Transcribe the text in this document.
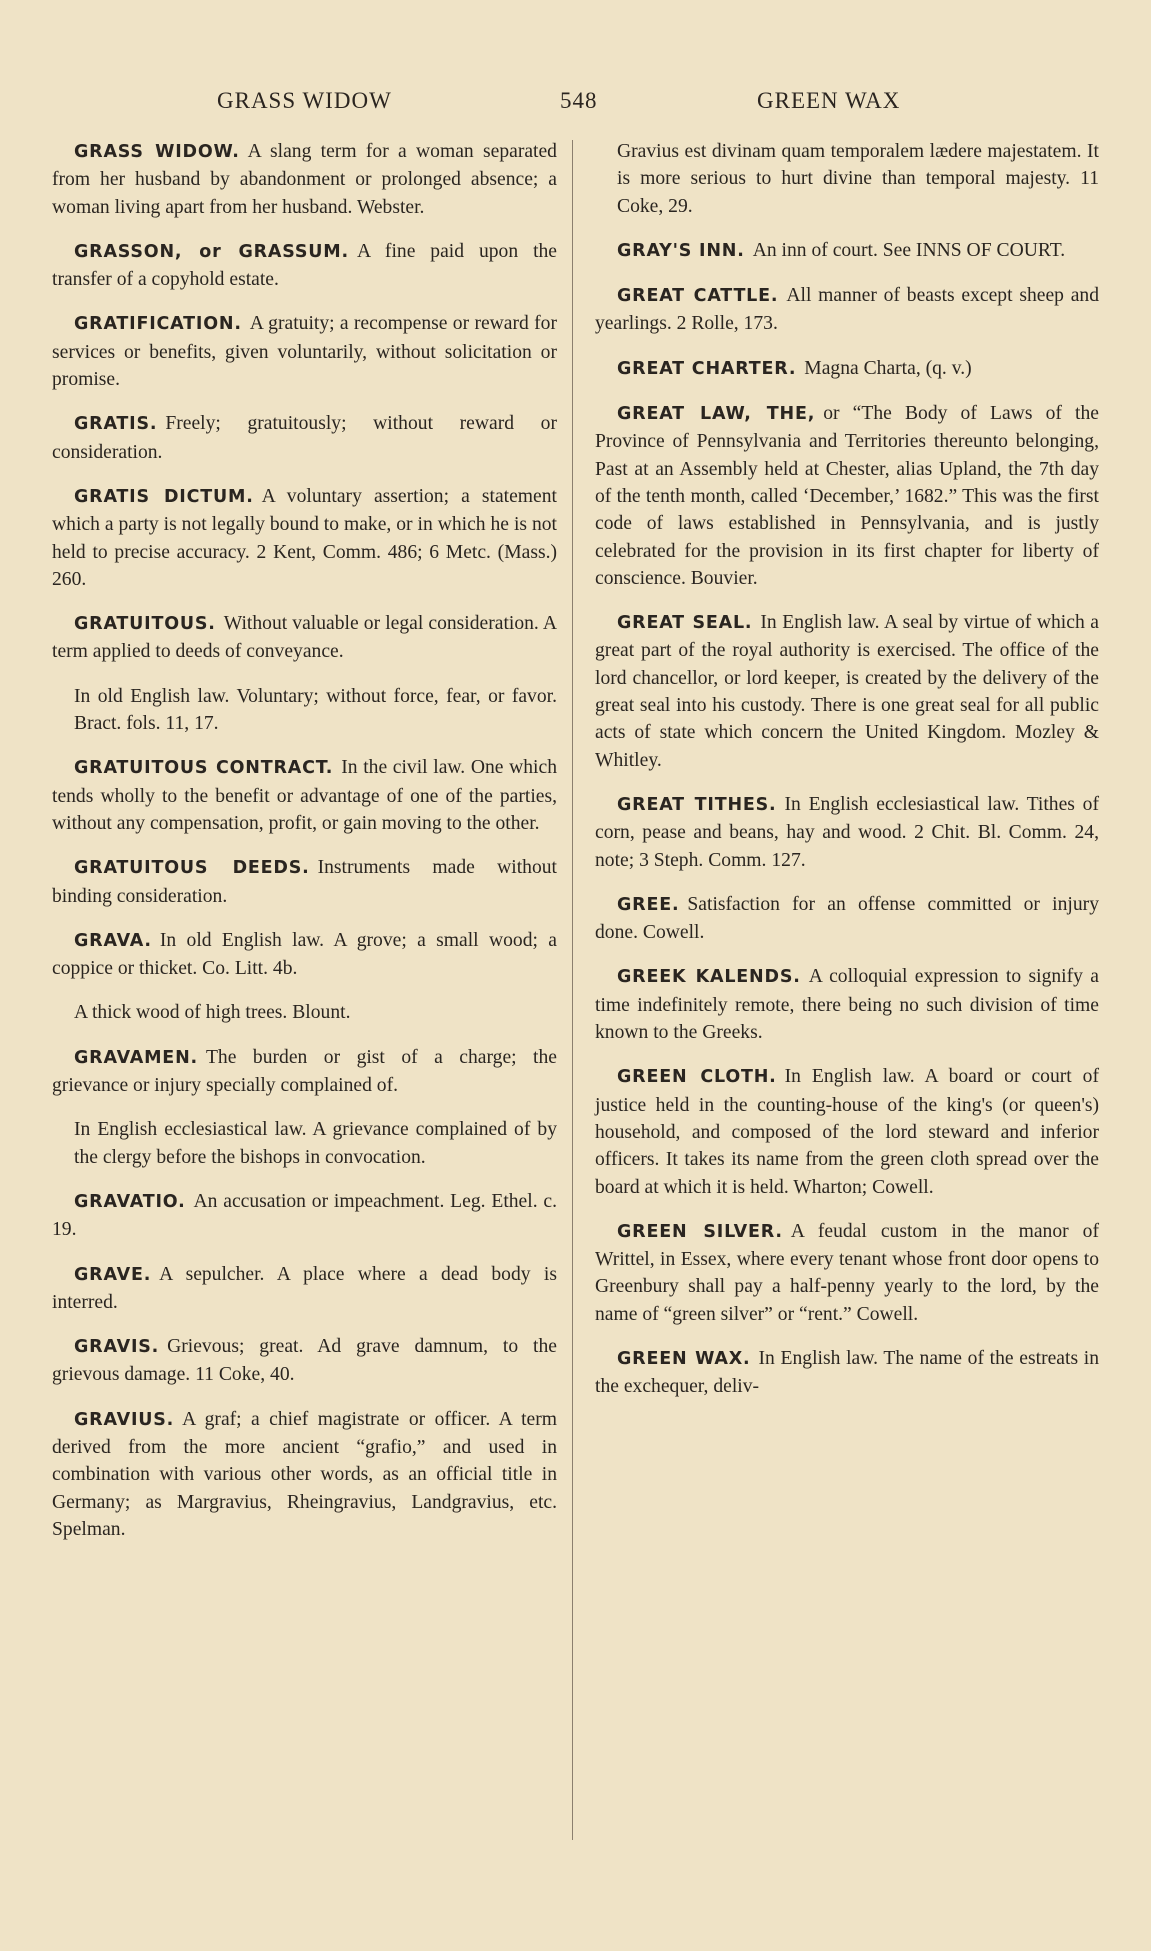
GRASS WIDOW	548	GREEN WAX

GRASS WIDOW. A slang term for a woman separated from her husband by abandonment or prolonged absence; a woman living apart from her husband. Webster.

GRASSON, or GRASSUM. A fine paid upon the transfer of a copyhold estate.

GRATIFICATION. A gratuity; a recompense or reward for services or benefits, given voluntarily, without solicitation or promise.

GRATIS. Freely; gratuitously; without reward or consideration.

GRATIS DICTUM. A voluntary assertion; a statement which a party is not legally bound to make, or in which he is not held to precise accuracy. 2 Kent, Comm. 486; 6 Metc. (Mass.) 260.

GRATUITOUS. Without valuable or legal consideration. A term applied to deeds of conveyance.

In old English law. Voluntary; without force, fear, or favor. Bract. fols. 11, 17.

GRATUITOUS CONTRACT. In the civil law. One which tends wholly to the benefit or advantage of one of the parties, without any compensation, profit, or gain moving to the other.

GRATUITOUS DEEDS. Instruments made without binding consideration.

GRAVA. In old English law. A grove; a small wood; a coppice or thicket. Co. Litt. 4b.

A thick wood of high trees. Blount.

GRAVAMEN. The burden or gist of a charge; the grievance or injury specially complained of.

In English ecclesiastical law. A grievance complained of by the clergy before the bishops in convocation.

GRAVATIO. An accusation or impeachment. Leg. Ethel. c. 19.

GRAVE. A sepulcher. A place where a dead body is interred.

GRAVIS. Grievous; great. Ad grave damnum, to the grievous damage. 11 Coke, 40.

GRAVIUS. A graf; a chief magistrate or officer. A term derived from the more ancient “grafio,” and used in combination with various other words, as an official title in Germany; as Margravius, Rheingravius, Landgravius, etc. Spelman.

Gravius est divinam quam temporalem lædere majestatem. It is more serious to hurt divine than temporal majesty. 11 Coke, 29.

GRAY'S INN. An inn of court. See INNS OF COURT.

GREAT CATTLE. All manner of beasts except sheep and yearlings. 2 Rolle, 173.

GREAT CHARTER. Magna Charta, (q. v.)

GREAT LAW, THE, or “The Body of Laws of the Province of Pennsylvania and Territories thereunto belonging, Past at an Assembly held at Chester, alias Upland, the 7th day of the tenth month, called ‘December,’ 1682.” This was the first code of laws established in Pennsylvania, and is justly celebrated for the provision in its first chapter for liberty of conscience. Bouvier.

GREAT SEAL. In English law. A seal by virtue of which a great part of the royal authority is exercised. The office of the lord chancellor, or lord keeper, is created by the delivery of the great seal into his custody. There is one great seal for all public acts of state which concern the United Kingdom. Mozley & Whitley.

GREAT TITHES. In English ecclesiastical law. Tithes of corn, pease and beans, hay and wood. 2 Chit. Bl. Comm. 24, note; 3 Steph. Comm. 127.

GREE. Satisfaction for an offense committed or injury done. Cowell.

GREEK KALENDS. A colloquial expression to signify a time indefinitely remote, there being no such division of time known to the Greeks.

GREEN CLOTH. In English law. A board or court of justice held in the counting-house of the king's (or queen's) household, and composed of the lord steward and inferior officers. It takes its name from the green cloth spread over the board at which it is held. Wharton; Cowell.

GREEN SILVER. A feudal custom in the manor of Writtel, in Essex, where every tenant whose front door opens to Greenbury shall pay a half-penny yearly to the lord, by the name of “green silver” or “rent.” Cowell.

GREEN WAX. In English law. The name of the estreats in the exchequer, deliv-
